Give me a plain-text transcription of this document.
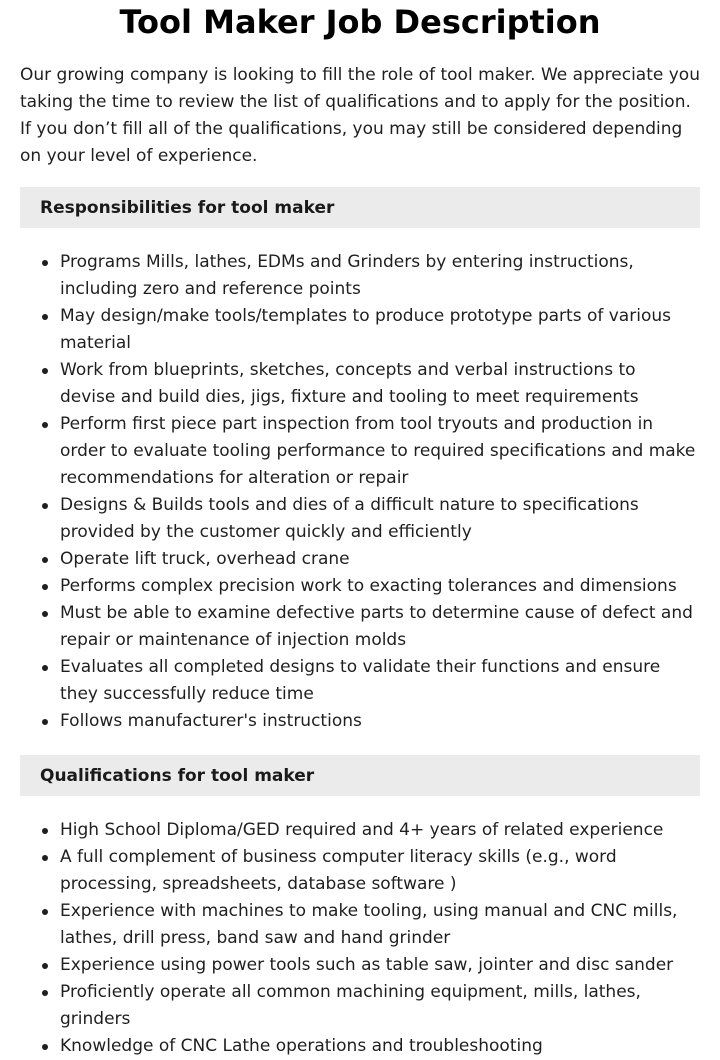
Tool Maker Job Description

Our growing company is looking to fill the role of tool maker. We appreciate you taking the time to review the list of qualifications and to apply for the position. If you don’t fill all of the qualifications, you may still be considered depending on your level of experience.

Responsibilities for tool maker
Programs Mills, lathes, EDMs and Grinders by entering instructions, including zero and reference points
May design/make tools/templates to produce prototype parts of various material
Work from blueprints, sketches, concepts and verbal instructions to devise and build dies, jigs, fixture and tooling to meet requirements
Perform first piece part inspection from tool tryouts and production in order to evaluate tooling performance to required specifications and make recommendations for alteration or repair
Designs & Builds tools and dies of a difficult nature to specifications provided by the customer quickly and efficiently
Operate lift truck, overhead crane
Performs complex precision work to exacting tolerances and dimensions
Must be able to examine defective parts to determine cause of defect and repair or maintenance of injection molds
Evaluates all completed designs to validate their functions and ensure they successfully reduce time
Follows manufacturer's instructions
Qualifications for tool maker
High School Diploma/GED required and 4+ years of related experience
A full complement of business computer literacy skills (e.g., word processing, spreadsheets, database software )
Experience with machines to make tooling, using manual and CNC mills, lathes, drill press, band saw and hand grinder
Experience using power tools such as table saw, jointer and disc sander
Proficiently operate all common machining equipment, mills, lathes, grinders
Knowledge of CNC Lathe operations and troubleshooting
